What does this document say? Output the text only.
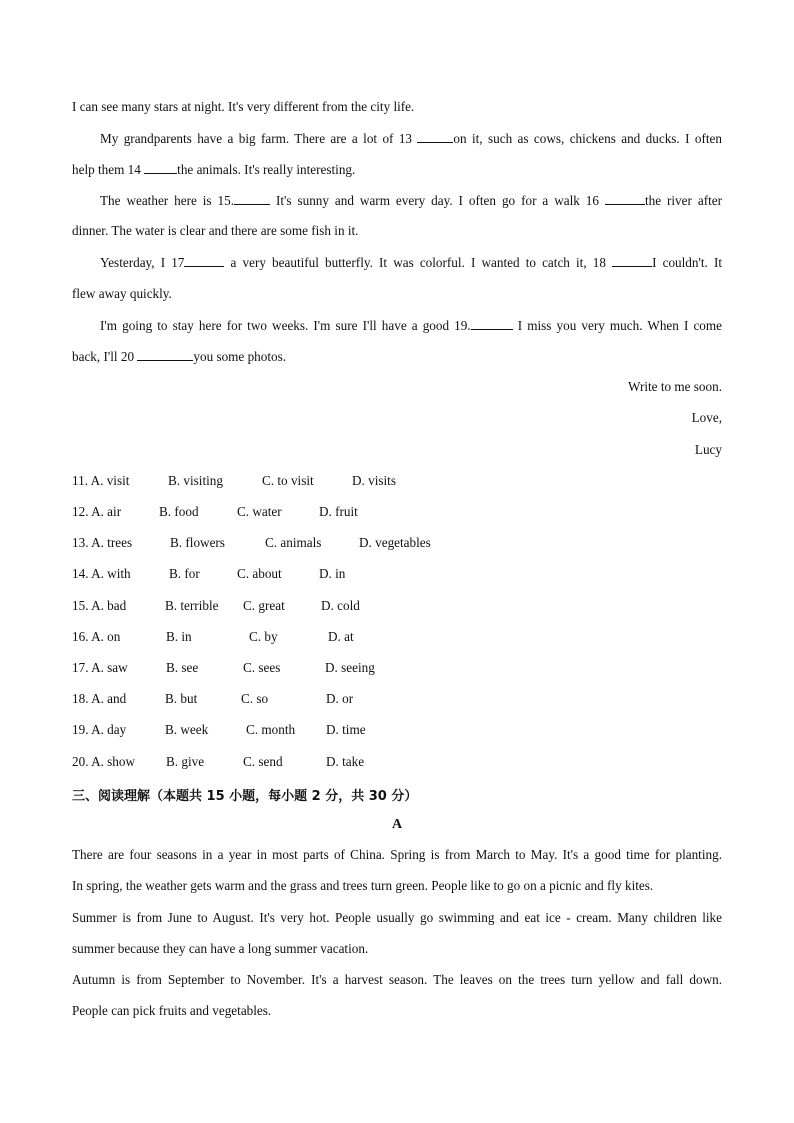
I can see many stars at night. It's very different from the city life.
My grandparents have a big farm. There are a lot of 13	on it, such as cows, chickens and ducks. I often
help them 14	the animals. It's really interesting.
The weather here is 15.	It's sunny and warm every day. I often go for a walk 16	the river after
dinner. The water is clear and there are some fish in it.
Yesterday, I 17	a very beautiful butterfly. It was colorful. I wanted to catch it, 18	I couldn't. It
flew away quickly.
I'm going to stay here for two weeks. I'm sure I'll have a good 19.	I miss you very much. When I come
back, I'll 20	you some photos.
Write to me soon.
Love,
Lucy
11. A. visit	B. visiting	C. to visit	D. visits
12. A. air	B. food	C. water	D. fruit
13. A. trees	B. flowers	C. animals	D. vegetables
14. A. with	B. for	C. about	D. in
15. A. bad	B. terrible C. great	D. cold
16. A. on	B. in	C. by	D. at
17. A. saw	B. see	C. sees	D. seeing
18. A. and	B. but	C. so	D. or
19. A. day	B. week	C. month D. time
20. A. show B. give	C. send	D. take
三、阅读理解（本题共 15 小题，每小题 2 分，共 30 分）
A
There are four seasons in a year in most parts of China. Spring is from March to May. It's a good time for planting.
In spring, the weather gets warm and the grass and trees turn green. People like to go on a picnic and fly kites.
Summer is from June to August. It's very hot. People usually go swimming and eat ice - cream. Many children like
summer because they can have a long summer vacation.
Autumn is from September to November. It's a harvest season. The leaves on the trees turn yellow and fall down.
People can pick fruits and vegetables.
